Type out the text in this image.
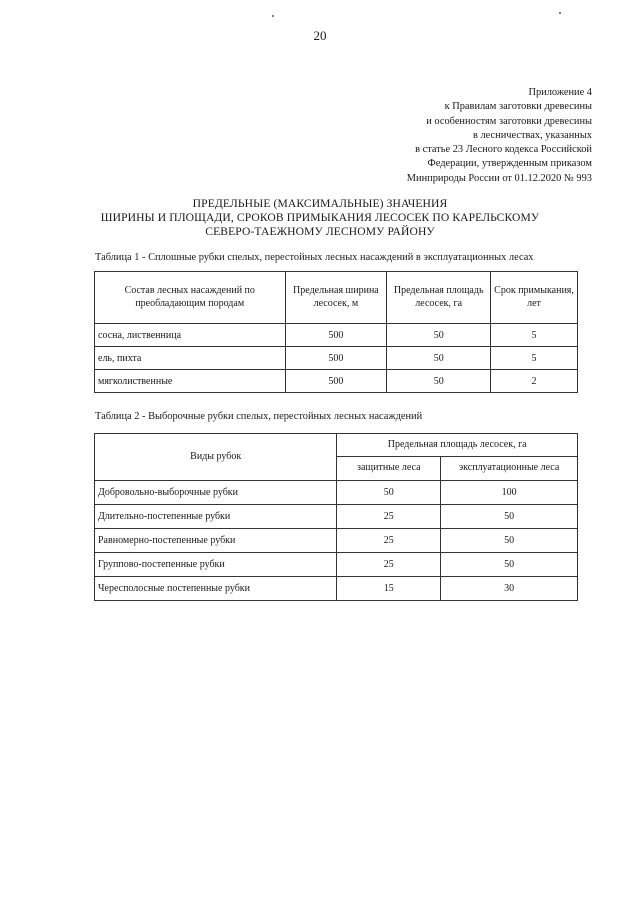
20
Приложение 4
к Правилам заготовки древесины
и особенностям заготовки древесины
в лесничествах, указанных
в статье 23 Лесного кодекса Российской
Федерации, утвержденным приказом
Минприроды России от 01.12.2020 № 993
ПРЕДЕЛЬНЫЕ (МАКСИМАЛЬНЫЕ) ЗНАЧЕНИЯ
ШИРИНЫ И ПЛОЩАДИ, СРОКОВ ПРИМЫКАНИЯ ЛЕСОСЕК ПО КАРЕЛЬСКОМУ
СЕВЕРО-ТАЕЖНОМУ ЛЕСНОМУ РАЙОНУ
Таблица 1 - Сплошные рубки спелых, перестойных лесных насаждений в эксплуатационных лесах
Состав лесных насаждений по преобладающим породам	Предельная ширина лесосек, м	Предельная площадь лесосек, га	Срок примыкания, лет
сосна, лиственница	500	50	5
ель, пихта	500	50	5
мягколиственные	500	50	2
Таблица 2 - Выборочные рубки спелых, перестойных лесных насаждений
Виды рубок	Предельная площадь лесосек, га	
	защитные леса	эксплуатационные леса
Добровольно-выборочные рубки	50	100
Длительно-постепенные рубки	25	50
Равномерно-постепенные рубки	25	50
Группово-постепенные рубки	25	50
Чересполосные постепенные рубки	15	30
